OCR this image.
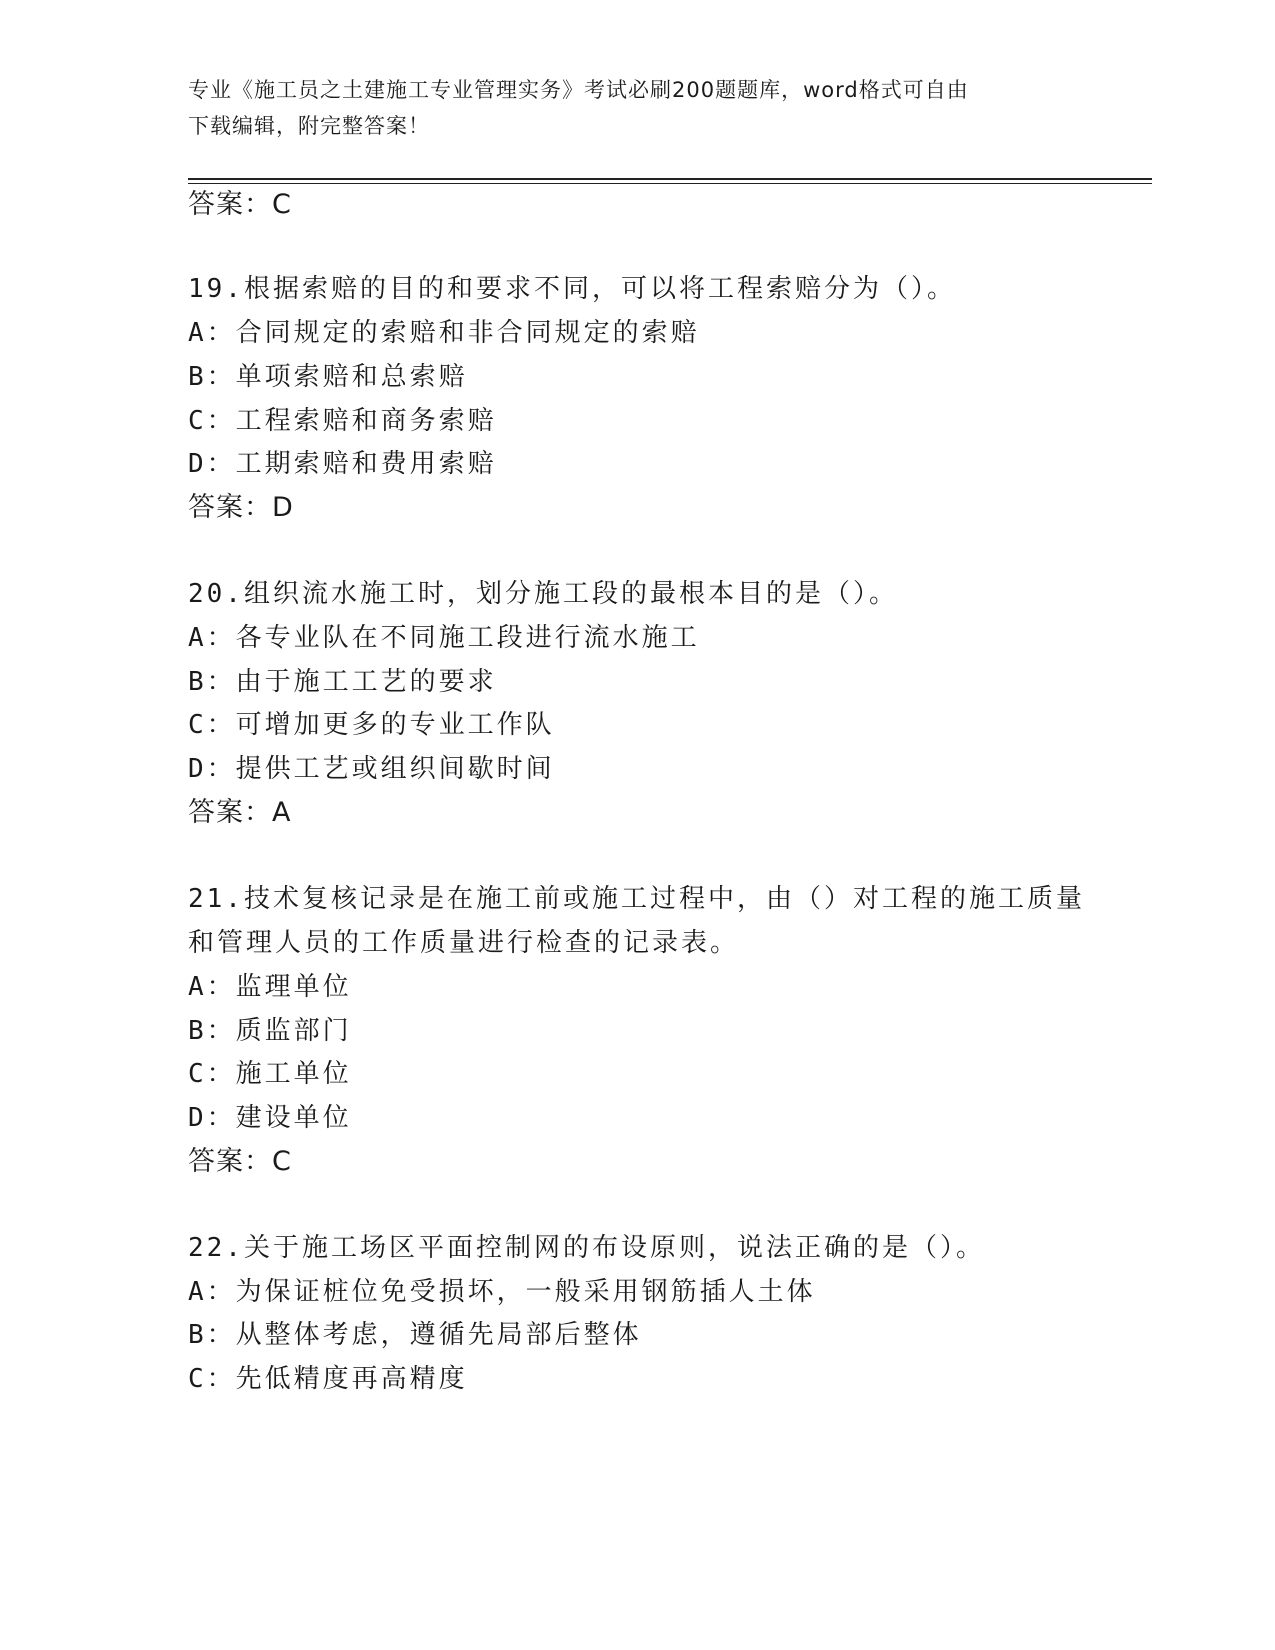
专业《施工员之土建施工专业管理实务》考试必刷200题题库，word格式可自由
下载编辑，附完整答案！
答案：C
19.根据索赔的目的和要求不同，可以将工程索赔分为（）。
A：合同规定的索赔和非合同规定的索赔
B：单项索赔和总索赔
C：工程索赔和商务索赔
D：工期索赔和费用索赔
答案：D
20.组织流水施工时，划分施工段的最根本目的是（）。
A：各专业队在不同施工段进行流水施工
B：由于施工工艺的要求
C：可增加更多的专业工作队
D：提供工艺或组织间歇时间
答案：A
21.技术复核记录是在施工前或施工过程中，由（）对工程的施工质量
和管理人员的工作质量进行检查的记录表。
A：监理单位
B：质监部门
C：施工单位
D：建设单位
答案：C
22.关于施工场区平面控制网的布设原则，说法正确的是（）。
A：为保证桩位免受损坏，一般采用钢筋插人土体
B：从整体考虑，遵循先局部后整体
C：先低精度再高精度
